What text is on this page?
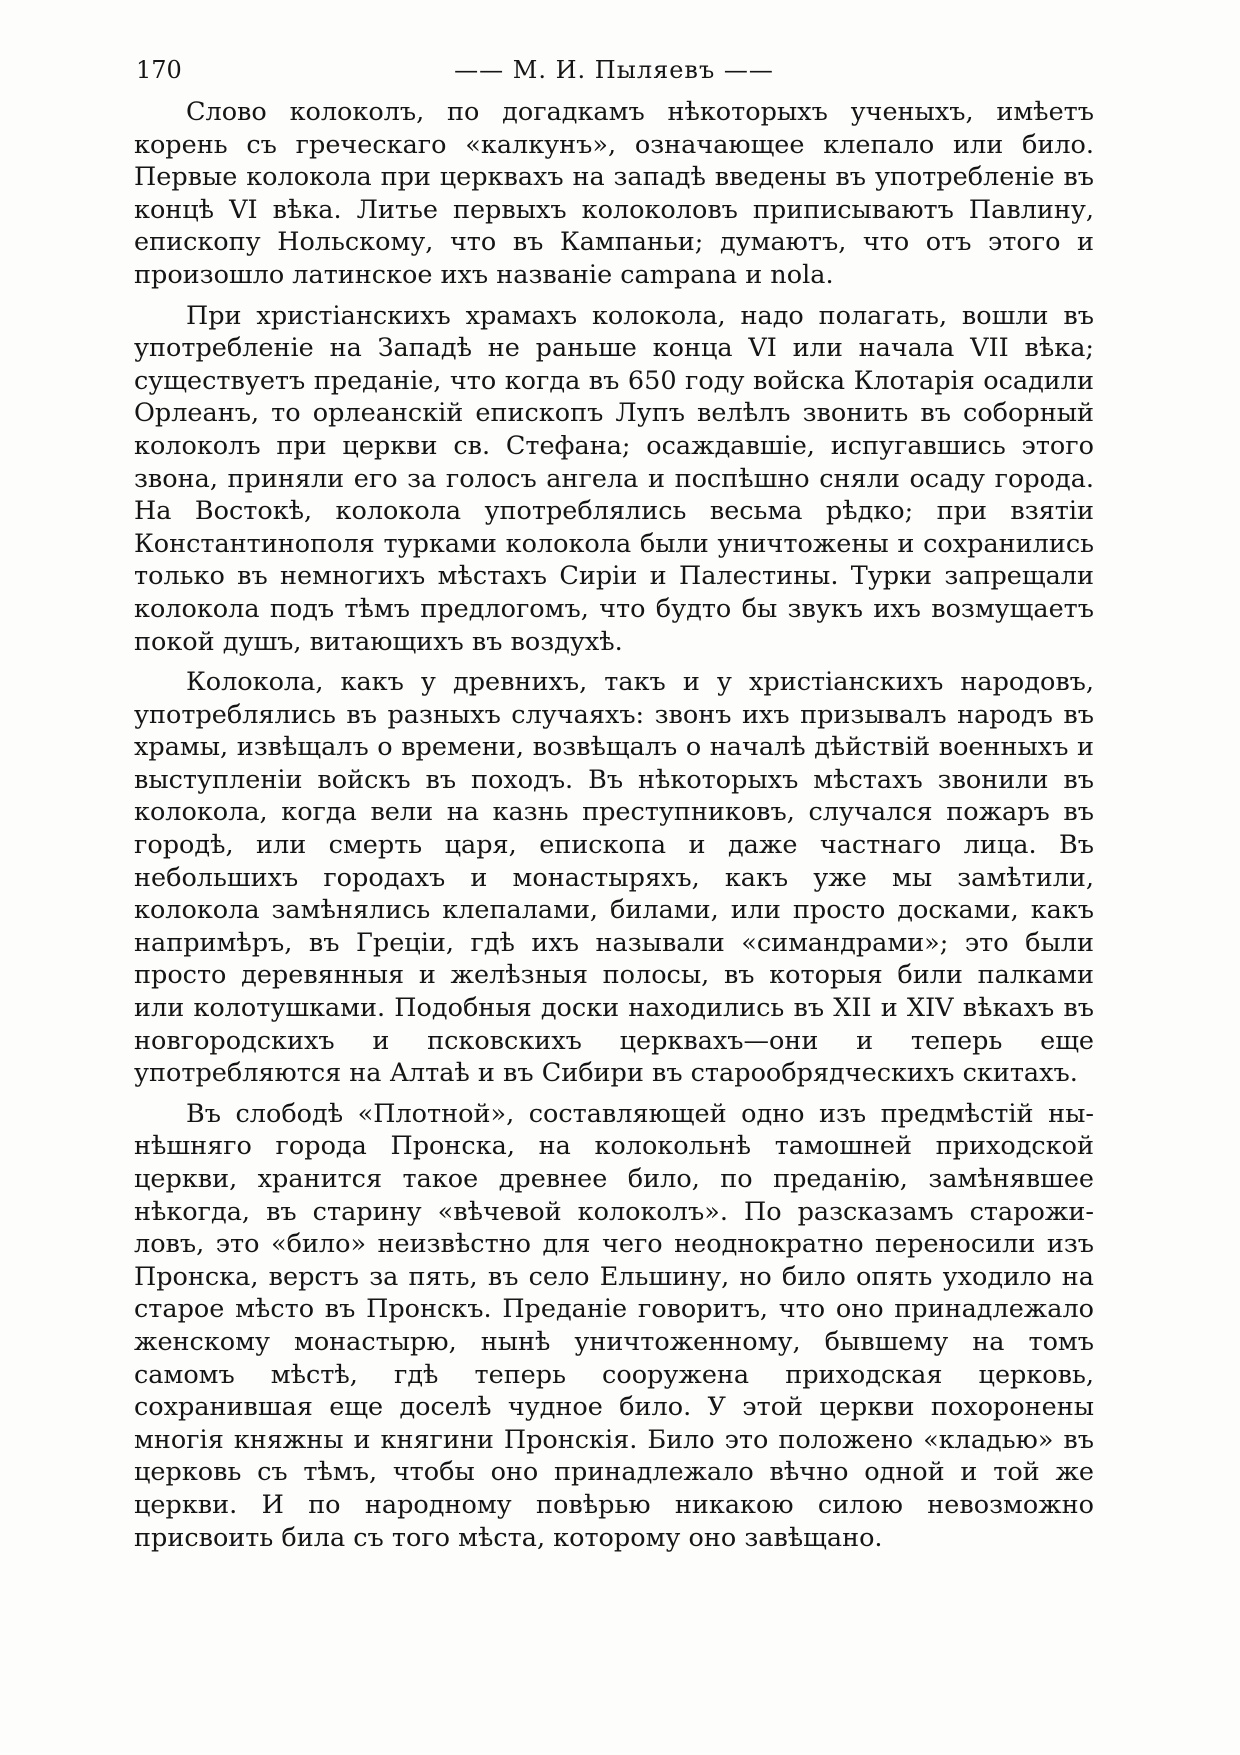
170	—— М. И. Пыляевъ ——

Слово колоколъ, по догадкамъ нѣкоторыхъ ученыхъ, имѣетъ корень съ греческаго «калкунъ», означающее клепало или било. Первые колокола при церквахъ на западѣ введены въ употребленiе въ концѣ VI вѣка. Литье первыхъ колоколовъ приписываютъ Павлину, епископу Нольскому, что въ Кампаньи; думаютъ, что отъ этого и произошло латинское ихъ названiе campana и nola.

При христiанскихъ храмахъ колокола, надо полагать, вошли въ употребленiе на Западѣ не раньше конца VI или начала VII вѣка; существуетъ преданiе, что когда въ 650 году войска Клотарiя осадили Орлеанъ, то орлеанскiй епископъ Лупъ велѣлъ звонить въ соборный колоколъ при церкви св. Стефана; осаждавшiе, испугавшись этого звона, приняли его за голосъ ангела и поспѣшно сняли осаду города. На Востокѣ, колокола употреблялись весьма рѣдко; при взятiи Константинополя турками колокола были уничтожены и сохранились только въ немногихъ мѣстахъ Сирiи и Палестины. Турки запрещали колокола подъ тѣмъ предлогомъ, что будто бы звукъ ихъ возмущаетъ покой душъ, витающихъ въ воздухѣ.

Колокола, какъ у древнихъ, такъ и у христiанскихъ народовъ, употреблялись въ разныхъ случаяхъ: звонъ ихъ призывалъ народъ въ храмы, извѣщалъ о времени, возвѣщалъ о началѣ дѣйствiй военныхъ и выступленiи войскъ въ походъ. Въ нѣкоторыхъ мѣстахъ звонили въ колокола, когда вели на казнь преступниковъ, случался пожаръ въ городѣ, или смерть царя, епископа и даже частнаго лица. Въ небольшихъ городахъ и монастыряхъ, какъ уже мы замѣтили, колокола замѣнялись клепалами, билами, или просто досками, какъ напримѣръ, въ Грецiи, гдѣ ихъ называли «симандрами»; это были просто деревянныя и желѣзныя полосы, въ которыя били палками или колотушками. Подобныя доски находились въ XII и XIV вѣкахъ въ новгородскихъ и псковскихъ церквахъ—они и теперь еще употребляются на Алтаѣ и въ Сибири въ старообрядческихъ скитахъ.

Въ слободѣ «Плотной», составляющей одно изъ предмѣстiй нынѣшняго города Пронска, на колокольнѣ тамошней приходской церкви, хранится такое древнее било, по преданiю, замѣнявшее нѣкогда, въ старину «вѣчевой колоколъ». По разсказамъ старожиловъ, это «било» неизвѣстно для чего неоднократно переносили изъ Пронска, верстъ за пять, въ село Ельшину, но било опять уходило на старое мѣсто въ Пронскъ. Преданiе говоритъ, что оно принадлежало женскому монастырю, нынѣ уничтоженному, бывшему на томъ самомъ мѣстѣ, гдѣ теперь сооружена приходская церковь, сохранившая еще доселѣ чудное било. У этой церкви похоронены многiя княжны и княгини Пронскiя. Било это положено «кладью» въ церковь съ тѣмъ, чтобы оно принадлежало вѣчно одной и той же церкви. И по народному повѣрью никакою силою невозможно присвоить била съ того мѣста, которому оно завѣщано.
